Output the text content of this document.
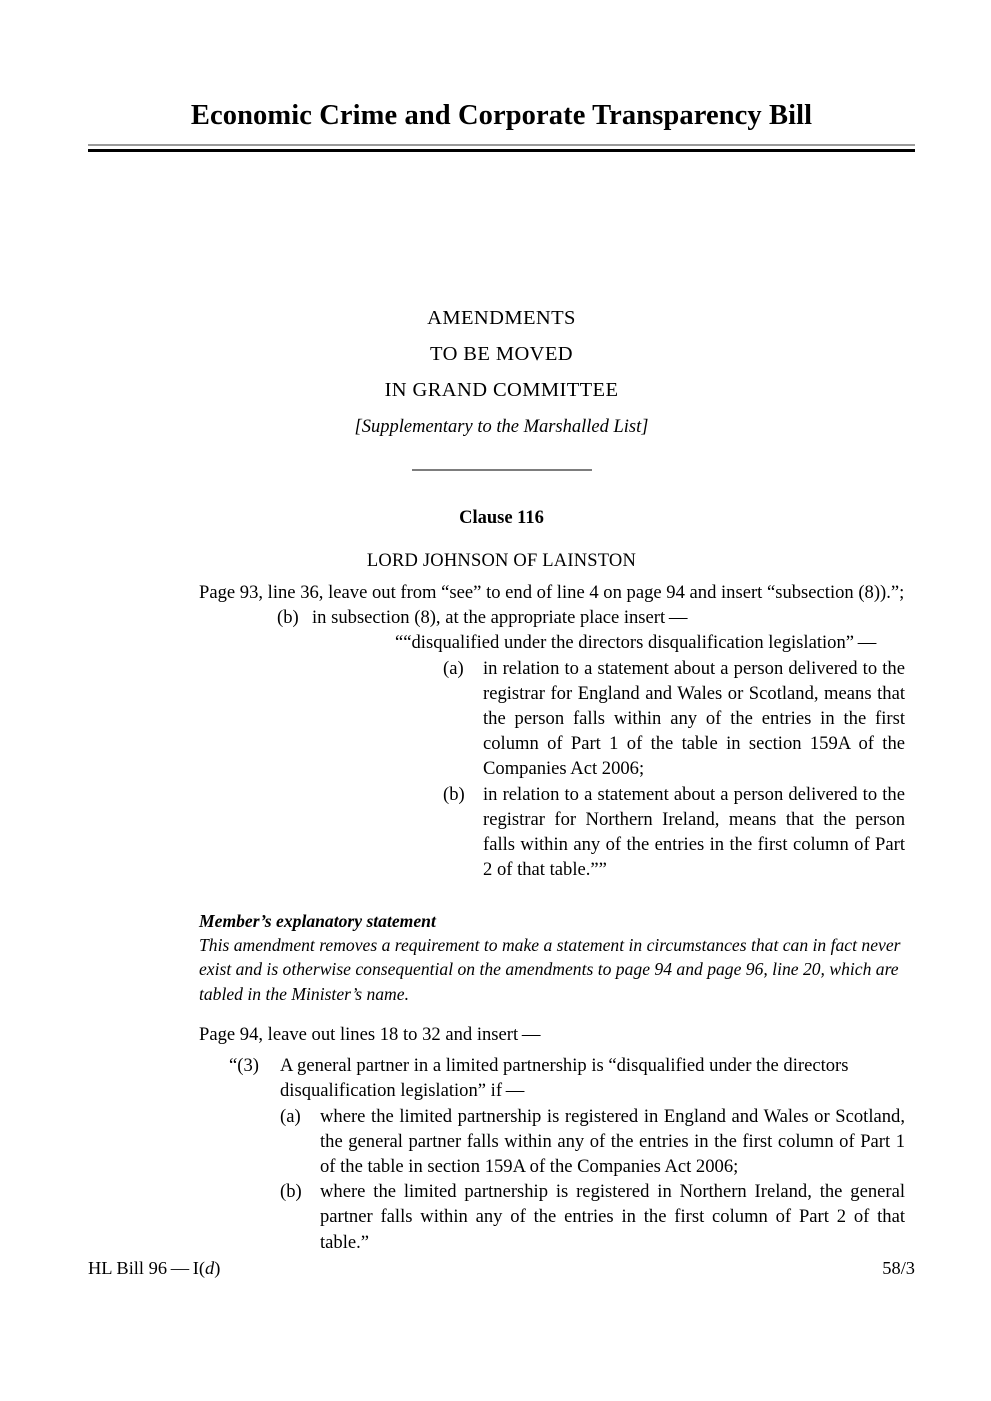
Economic Crime and Corporate Transparency Bill
AMENDMENTS
TO BE MOVED
IN GRAND COMMITTEE
[Supplementary to the Marshalled List]
Clause 116
LORD JOHNSON OF LAINSTON

Page 93, line 36, leave out from “see” to end of line 4 on page 94 and insert “subsection (8)).”;

(b) in subsection (8), at the appropriate place insert —

““disqualified under the directors disqualification legislation” —

(a)	in relation to a statement about a person delivered to the registrar for England and Wales or Scotland, means that the person falls within any of the entries in the first column of Part 1 of the table in section 159A of the Companies Act 2006;
(b) in relation to a statement about a person delivered to the registrar for Northern Ireland, means that the person falls within any of the entries in the first column of Part 2 of that table.””
Member’s explanatory statement
This amendment removes a requirement to make a statement in circumstances that can in fact never exist and is otherwise consequential on the amendments to page 94 and page 96, line 20, which are tabled in the Minister’s name.

Page 94, leave out lines 18 to 32 and insert —

“(3)	A general partner in a limited partnership is “disqualified under the directors disqualification legislation” if —
(a)	where the limited partnership is registered in England and Wales or Scotland, the general partner falls within any of the entries in the first column of Part 1 of the table in section 159A of the Companies Act 2006;
(b) where the limited partnership is registered in Northern Ireland, the general partner falls within any of the entries in the first column of Part 2 of that table.”
HL Bill 96 — I(d)	58/3
